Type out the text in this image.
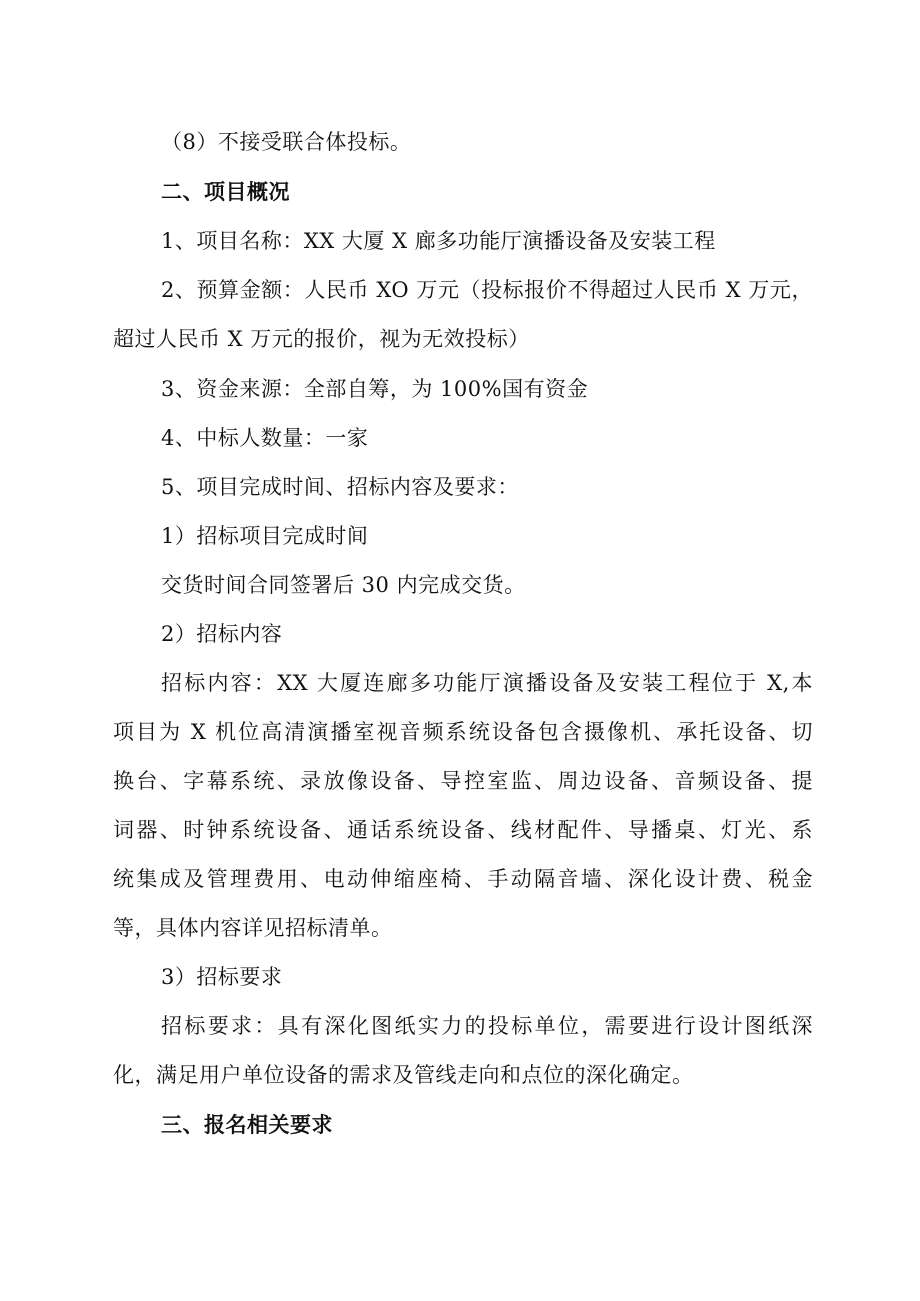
（8）不接受联合体投标。
二、项目概况
1、项目名称：XX 大厦 X 廊多功能厅演播设备及安装工程
2、预算金额：人民币 XO 万元（投标报价不得超过人民币 X 万元，
超过人民币 X 万元的报价，视为无效投标）
3、资金来源：全部自筹，为 100%国有资金
4、中标人数量：一家
5、项目完成时间、招标内容及要求：
1）招标项目完成时间
交货时间合同签署后 30 内完成交货。
2）招标内容
招标内容：XX 大厦连廊多功能厅演播设备及安装工程位于 X,本
项目为 X 机位高清演播室视音频系统设备包含摄像机、承托设备、切
换台、字幕系统、录放像设备、导控室监、周边设备、音频设备、提
词器、时钟系统设备、通话系统设备、线材配件、导播桌、灯光、系
统集成及管理费用、电动伸缩座椅、手动隔音墙、深化设计费、税金
等，具体内容详见招标清单。
3）招标要求
招标要求：具有深化图纸实力的投标单位，需要进行设计图纸深
化，满足用户单位设备的需求及管线走向和点位的深化确定。
三、报名相关要求
